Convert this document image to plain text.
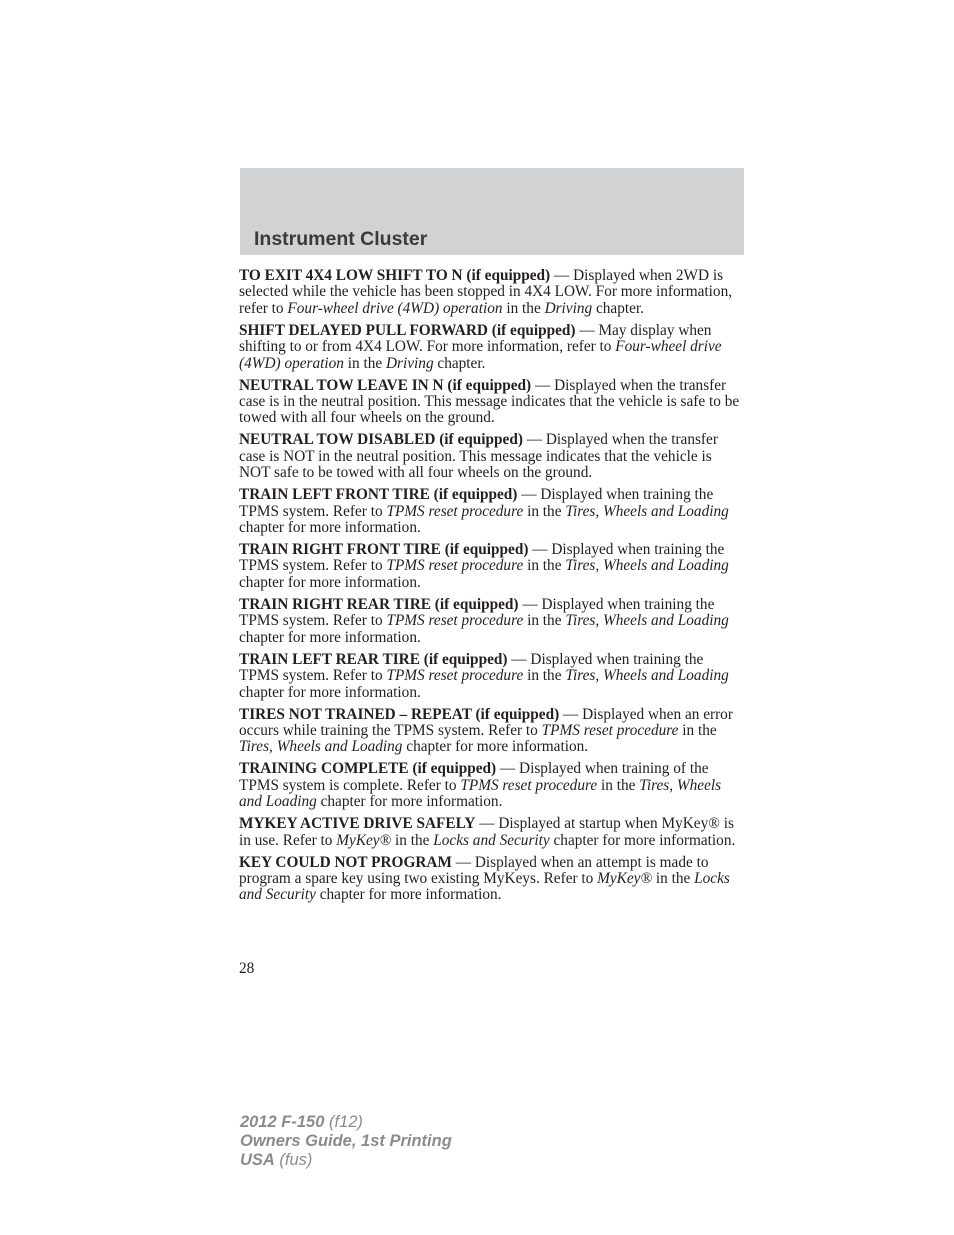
Instrument Cluster

TO EXIT 4X4 LOW SHIFT TO N (if equipped) — Displayed when 2WD is selected while the vehicle has been stopped in 4X4 LOW. For more information, refer to Four-wheel drive (4WD) operation in the Driving chapter.

SHIFT DELAYED PULL FORWARD (if equipped) — May display when shifting to or from 4X4 LOW. For more information, refer to Four-wheel drive (4WD) operation in the Driving chapter.

NEUTRAL TOW LEAVE IN N (if equipped) — Displayed when the transfer case is in the neutral position. This message indicates that the vehicle is safe to be towed with all four wheels on the ground.

NEUTRAL TOW DISABLED (if equipped) — Displayed when the transfer case is NOT in the neutral position. This message indicates that the vehicle is NOT safe to be towed with all four wheels on the ground.

TRAIN LEFT FRONT TIRE (if equipped) — Displayed when training the TPMS system. Refer to TPMS reset procedure in the Tires, Wheels and Loading chapter for more information.

TRAIN RIGHT FRONT TIRE (if equipped) — Displayed when training the TPMS system. Refer to TPMS reset procedure in the Tires, Wheels and Loading chapter for more information.

TRAIN RIGHT REAR TIRE (if equipped) — Displayed when training the TPMS system. Refer to TPMS reset procedure in the Tires, Wheels and Loading chapter for more information.

TRAIN LEFT REAR TIRE (if equipped) — Displayed when training the TPMS system. Refer to TPMS reset procedure in the Tires, Wheels and Loading chapter for more information.

TIRES NOT TRAINED – REPEAT (if equipped) — Displayed when an error occurs while training the TPMS system. Refer to TPMS reset procedure in the Tires, Wheels and Loading chapter for more information.

TRAINING COMPLETE (if equipped) — Displayed when training of the TPMS system is complete. Refer to TPMS reset procedure in the Tires, Wheels and Loading chapter for more information.

MYKEY ACTIVE DRIVE SAFELY — Displayed at startup when MyKey® is in use. Refer to MyKey® in the Locks and Security chapter for more information.

KEY COULD NOT PROGRAM — Displayed when an attempt is made to program a spare key using two existing MyKeys. Refer to MyKey® in the Locks and Security chapter for more information.

28
2012 F-150 (f12)
Owners Guide, 1st Printing
USA (fus)
